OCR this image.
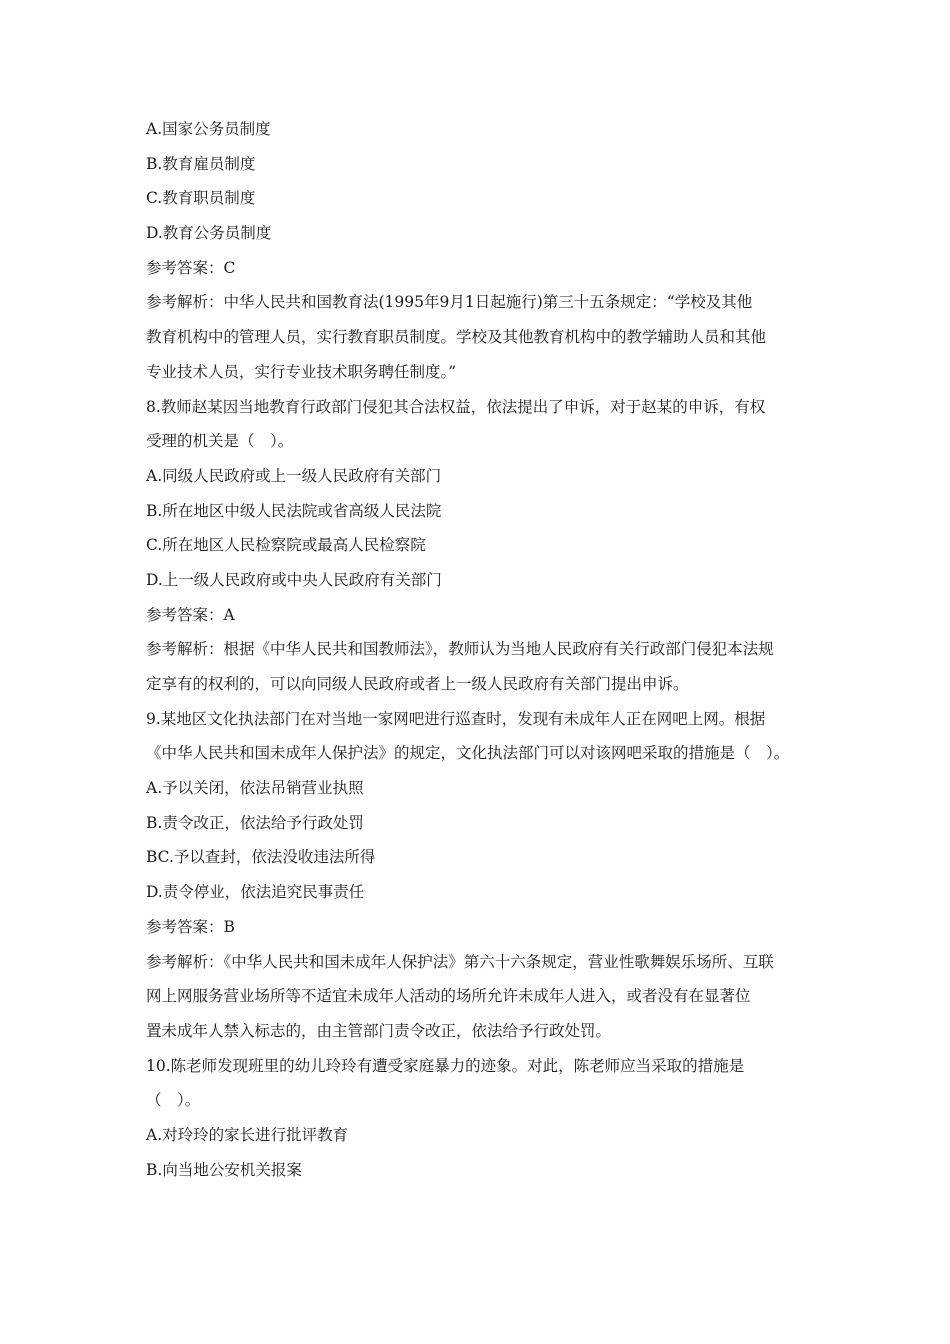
A.国家公务员制度
B.教育雇员制度
C.教育职员制度
D.教育公务员制度
参考答案：C
参考解析：中华人民共和国教育法(1995年9月1日起施行)第三十五条规定：“学校及其他
教育机构中的管理人员，实行教育职员制度。学校及其他教育机构中的教学辅助人员和其他
专业技术人员，实行专业技术职务聘任制度。”
8.教师赵某因当地教育行政部门侵犯其合法权益，依法提出了申诉，对于赵某的申诉，有权
受理的机关是（　）。
A.同级人民政府或上一级人民政府有关部门
B.所在地区中级人民法院或省高级人民法院
C.所在地区人民检察院或最高人民检察院
D.上一级人民政府或中央人民政府有关部门
参考答案：A
参考解析：根据《中华人民共和国教师法》，教师认为当地人民政府有关行政部门侵犯本法规
定享有的权利的，可以向同级人民政府或者上一级人民政府有关部门提出申诉。
9.某地区文化执法部门在对当地一家网吧进行巡查时，发现有未成年人正在网吧上网。根据
《中华人民共和国未成年人保护法》的规定，文化执法部门可以对该网吧采取的措施是（　）。
A.予以关闭，依法吊销营业执照
B.责令改正，依法给予行政处罚
BC.予以查封，依法没收违法所得
D.责令停业，依法追究民事责任
参考答案：B
参考解析：《中华人民共和国未成年人保护法》第六十六条规定，营业性歌舞娱乐场所、互联
网上网服务营业场所等不适宜未成年人活动的场所允许未成年人进入，或者没有在显著位
置未成年人禁入标志的，由主管部门责令改正，依法给予行政处罚。
10.陈老师发现班里的幼儿玲玲有遭受家庭暴力的迹象。对此，陈老师应当采取的措施是
（　）。
A.对玲玲的家长进行批评教育
B.向当地公安机关报案
